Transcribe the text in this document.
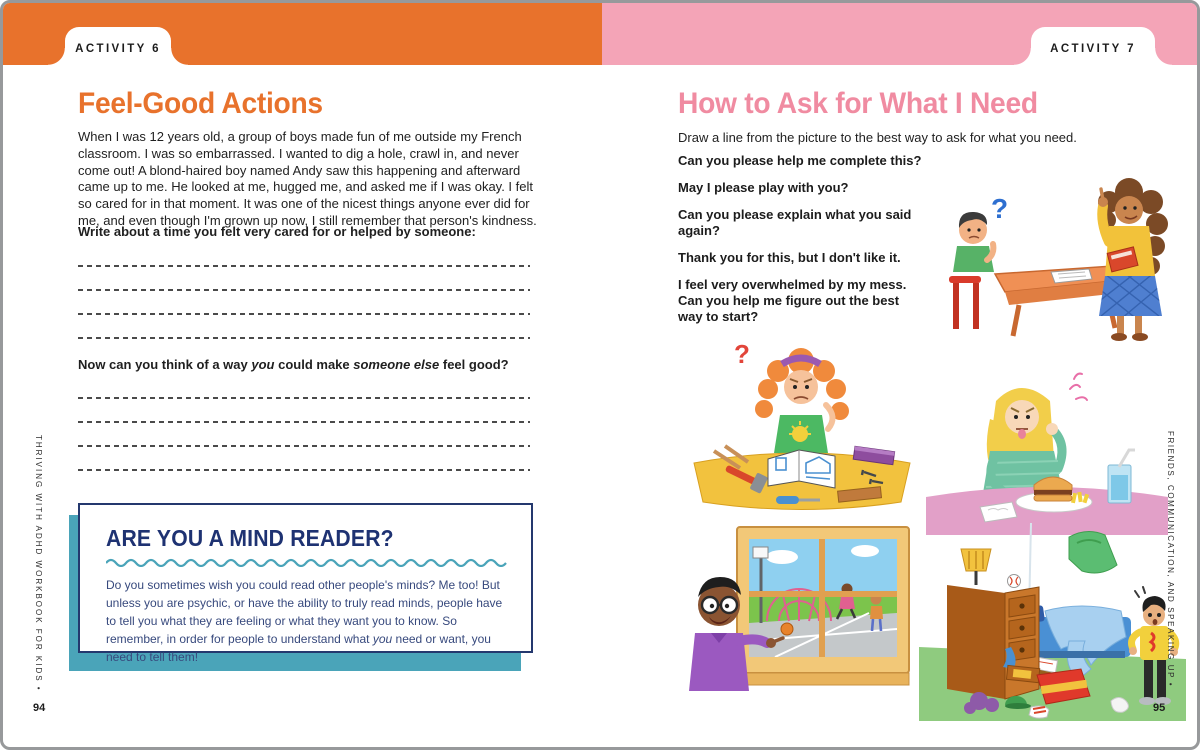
ACTIVITY 6	ACTIVITY 7
Feel-Good Actions
When I was 12 years old, a group of boys made fun of me outside my French classroom. I was so embarrassed. I wanted to dig a hole, crawl in, and never come out! A blond-haired boy named Andy saw this happening and afterward came up to me. He looked at me, hugged me, and asked me if I was okay. I felt so cared for in that moment. It was one of the nicest things anyone ever did for me, and even though I'm grown up now, I still remember that person's kindness.
Write about a time you felt very cared for or helped by someone:
Now can you think of a way you could make someone else feel good?
ARE YOU A MIND READER?
Do you sometimes wish you could read other people's minds? Me too! But unless you are psychic, or have the ability to truly read minds, people have to tell you what they are feeling or what they want you to know. So remember, in order for people to understand what you need or want, you need to tell them!
THRIVING WITH ADHD WORKBOOK FOR KIDS •
94
How to Ask for What I Need
Draw a line from the picture to the best way to ask for what you need.
Can you please help me complete this?
May I please play with you?
Can you please explain what you said again?
Thank you for this, but I don't like it.
I feel very overwhelmed by my mess. Can you help me figure out the best way to start?
?
?
FRIENDS, COMMUNICATION, AND SPEAKING UP •
95
